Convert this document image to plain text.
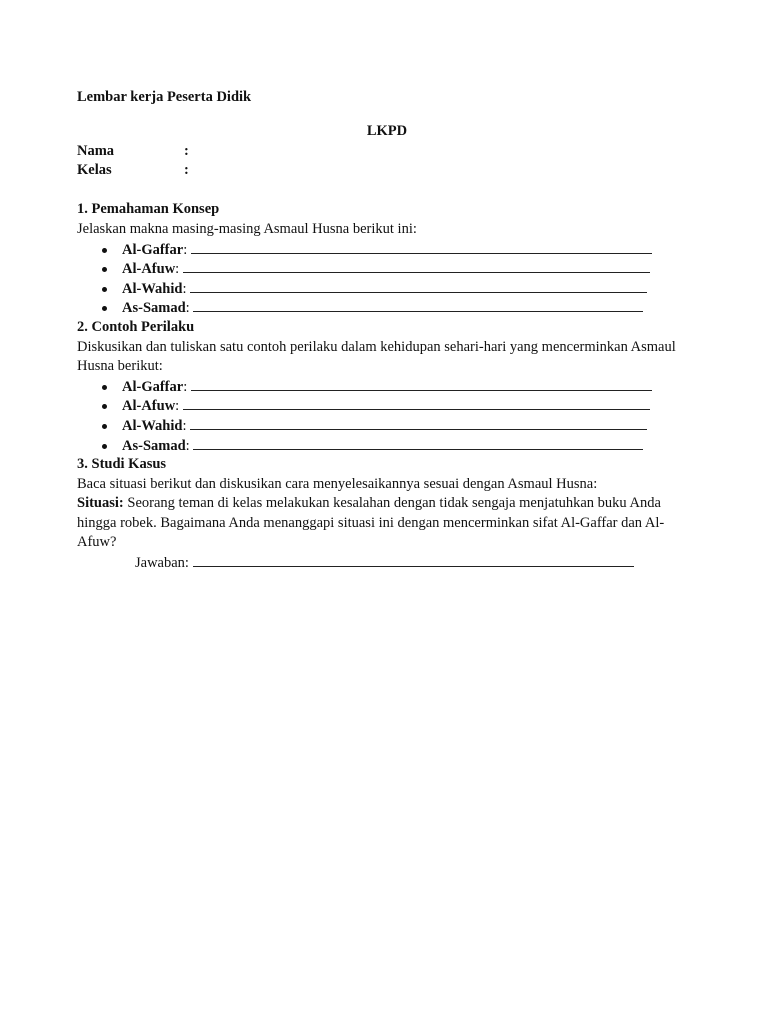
Lembar kerja Peserta Didik

LKPD

Nama	:
Kelas	:

1. Pemahaman Konsep

Jelaskan makna masing-masing Asmaul Husna berikut ini:

Al-Gaffar:
Al-Afuw:
Al-Wahid:
As-Samad:

2. Contoh Perilaku

Diskusikan dan tuliskan satu contoh perilaku dalam kehidupan sehari-hari yang mencerminkan Asmaul Husna berikut:

Al-Gaffar:
Al-Afuw:
Al-Wahid:
As-Samad:

3. Studi Kasus

Baca situasi berikut dan diskusikan cara menyelesaikannya sesuai dengan Asmaul Husna:

Situasi: Seorang teman di kelas melakukan kesalahan dengan tidak sengaja menjatuhkan buku Anda hingga robek. Bagaimana Anda menanggapi situasi ini dengan mencerminkan sifat Al-Gaffar dan Al-Afuw?

Jawaban:
